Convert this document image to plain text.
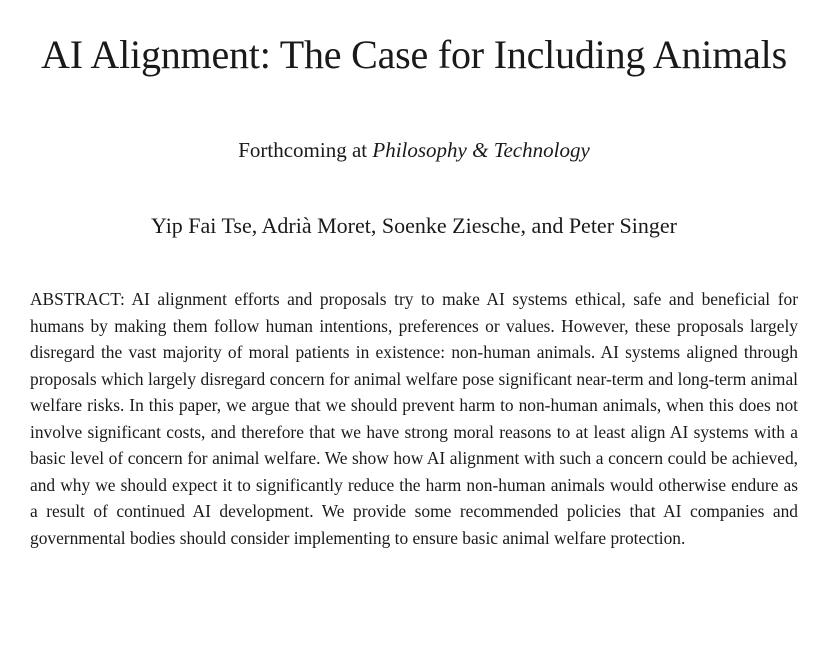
AI Alignment: The Case for Including Animals

Forthcoming at Philosophy & Technology

Yip Fai Tse, Adrià Moret, Soenke Ziesche, and Peter Singer

ABSTRACT: AI alignment efforts and proposals try to make AI systems ethical, safe and beneficial for humans by making them follow human intentions, preferences or values. However, these proposals largely disregard the vast majority of moral patients in existence: non-human animals. AI systems aligned through proposals which largely disregard concern for animal welfare pose significant near-term and long-term animal welfare risks. In this paper, we argue that we should prevent harm to non-human animals, when this does not involve significant costs, and therefore that we have strong moral reasons to at least align AI systems with a basic level of concern for animal welfare. We show how AI alignment with such a concern could be achieved, and why we should expect it to significantly reduce the harm non-human animals would otherwise endure as a result of continued AI development. We provide some recommended policies that AI companies and governmental bodies should consider implementing to ensure basic animal welfare protection.
